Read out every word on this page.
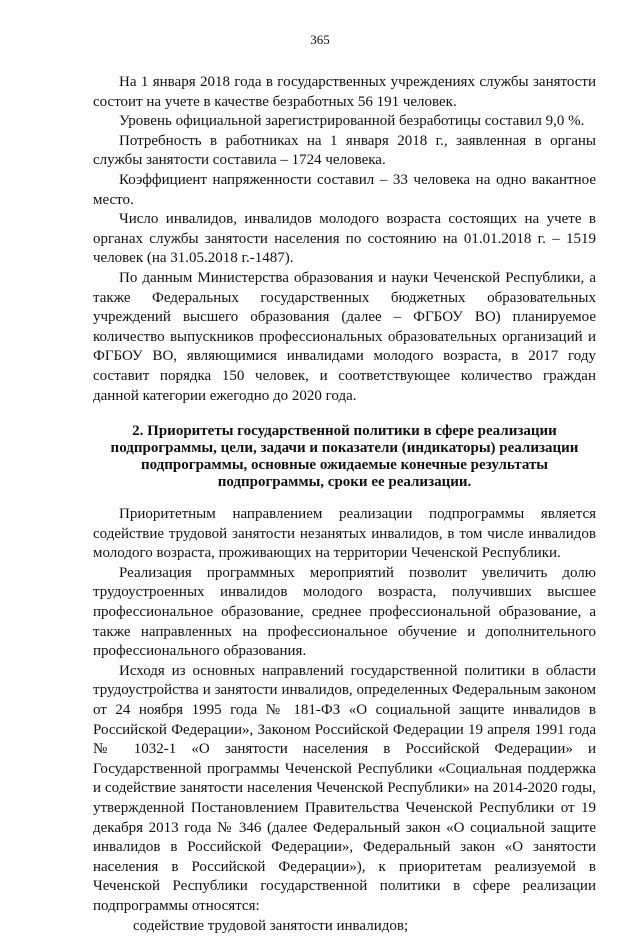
365

На 1 января 2018 года в государственных учреждениях службы занятости состоит на учете в качестве безработных 56 191 человек.

Уровень официальной зарегистрированной безработицы составил 9,0 %.

Потребность в работниках на 1 января 2018 г., заявленная в органы службы занятости составила – 1724 человека.

Коэффициент напряженности составил – 33 человека на одно вакантное место.

Число инвалидов, инвалидов молодого возраста состоящих на учете в органах службы занятости населения по состоянию на 01.01.2018 г. – 1519 человек (на 31.05.2018 г.-1487).

По данным Министерства образования и науки Чеченской Республики, а также Федеральных государственных бюджетных образовательных учреждений высшего образования (далее – ФГБОУ ВО) планируемое количество выпускников профессиональных образовательных организаций и ФГБОУ ВО, являющимися инвалидами молодого возраста, в 2017 году составит порядка 150 человек, и соответствующее количество граждан данной категории ежегодно до 2020 года.

2. Приоритеты государственной политики в сфере реализации

подпрограммы, цели, задачи и показатели (индикаторы) реализации

подпрограммы, основные ожидаемые конечные результаты

подпрограммы, сроки ее реализации.

Приоритетным направлением реализации подпрограммы является содействие трудовой занятости незанятых инвалидов, в том числе инвалидов молодого возраста, проживающих на территории Чеченской Республики.

Реализация программных мероприятий позволит увеличить долю трудоустроенных инвалидов молодого возраста, получивших высшее профессиональное образование, среднее профессиональной образование, а также направленных на профессиональное обучение и дополнительного профессионального образования.

Исходя из основных направлений государственной политики в области трудоустройства и занятости инвалидов, определенных Федеральным законом от 24 ноября 1995 года № 181-ФЗ «О социальной защите инвалидов в Российской Федерации», Законом Российской Федерации 19 апреля 1991 года № 1032-1 «О занятости населения в Российской Федерации» и Государственной программы Чеченской Республики «Социальная поддержка и содействие занятости населения Чеченской Республики» на 2014-2020 годы, утвержденной Постановлением Правительства Чеченской Республики от 19 декабря 2013 года № 346 (далее Федеральный закон «О социальной защите инвалидов в Российской Федерации», Федеральный закон «О занятости населения в Российской Федерации»), к приоритетам реализуемой в Чеченской Республики государственной политики в сфере реализации подпрограммы относятся:

содействие трудовой занятости инвалидов;
